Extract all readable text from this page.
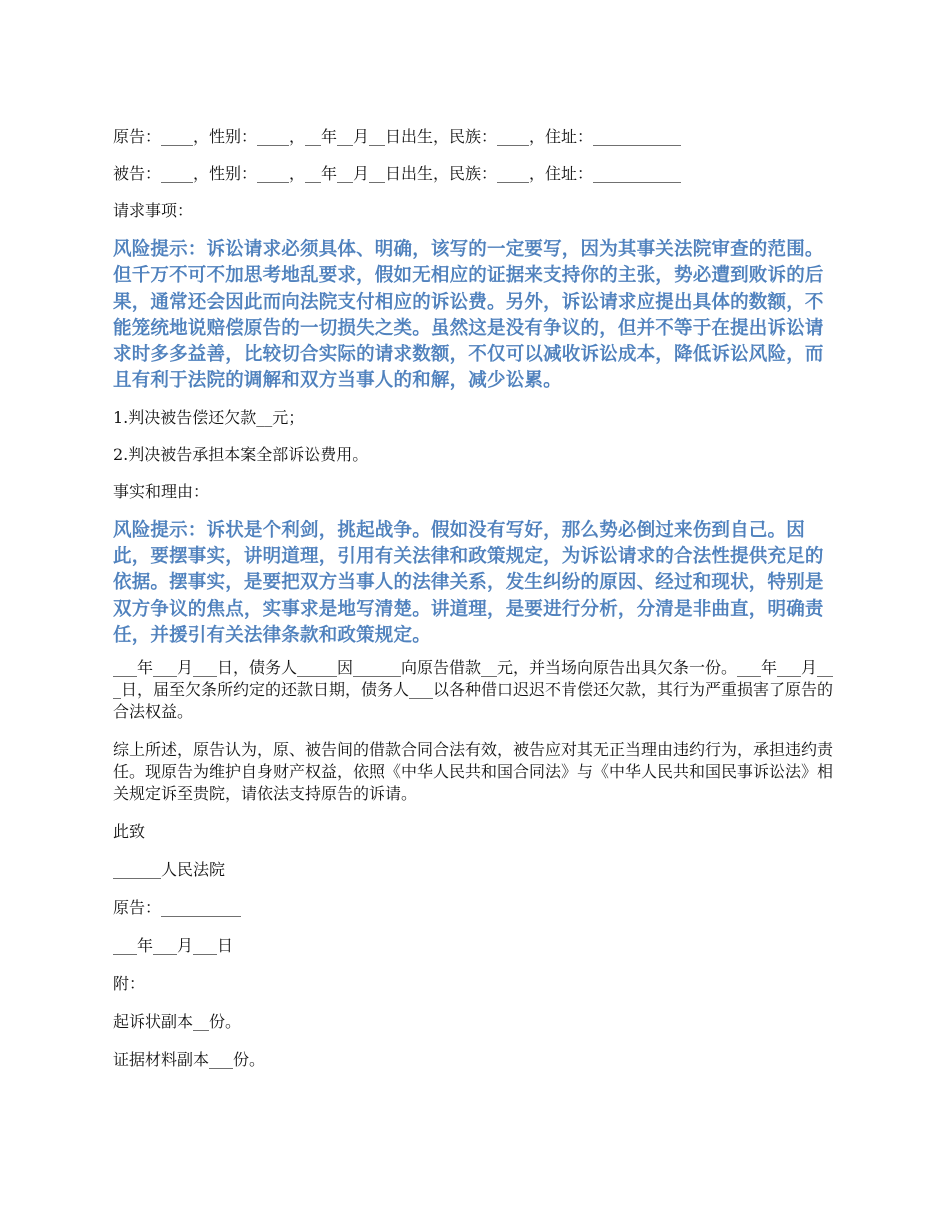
原告：____，性别：____，__年__月__日出生，民族：____，住址：___________

被告：____，性别：____，__年__月__日出生，民族：____，住址：___________

请求事项：

风险提示：诉讼请求必须具体、明确，该写的一定要写，因为其事关法院审查的范围。但千万不可不加思考地乱要求，假如无相应的证据来支持你的主张，势必遭到败诉的后果，通常还会因此而向法院支付相应的诉讼费。另外，诉讼请求应提出具体的数额，不能笼统地说赔偿原告的一切损失之类。虽然这是没有争议的，但并不等于在提出诉讼请求时多多益善，比较切合实际的请求数额，不仅可以减收诉讼成本，降低诉讼风险，而且有利于法院的调解和双方当事人的和解，减少讼累。

1.判决被告偿还欠款__元；

2.判决被告承担本案全部诉讼费用。

事实和理由：

风险提示：诉状是个利剑，挑起战争。假如没有写好，那么势必倒过来伤到自己。因此，要摆事实，讲明道理，引用有关法律和政策规定，为诉讼请求的合法性提供充足的依据。摆事实，是要把双方当事人的法律关系，发生纠纷的原因、经过和现状，特别是双方争议的焦点，实事求是地写清楚。讲道理，是要进行分析，分清是非曲直，明确责任，并援引有关法律条款和政策规定。

___年___月___日，债务人_____因______向原告借款__元，并当场向原告出具欠条一份。___年___月___日，届至欠条所约定的还款日期，债务人___以各种借口迟迟不肯偿还欠款，其行为严重损害了原告的合法权益。

综上所述，原告认为，原、被告间的借款合同合法有效，被告应对其无正当理由违约行为，承担违约责任。现原告为维护自身财产权益，依照《中华人民共和国合同法》与《中华人民共和国民事诉讼法》相关规定诉至贵院，请依法支持原告的诉请。

此致

______人民法院

原告：__________

___年___月___日

附：

起诉状副本__份。

证据材料副本___份。
